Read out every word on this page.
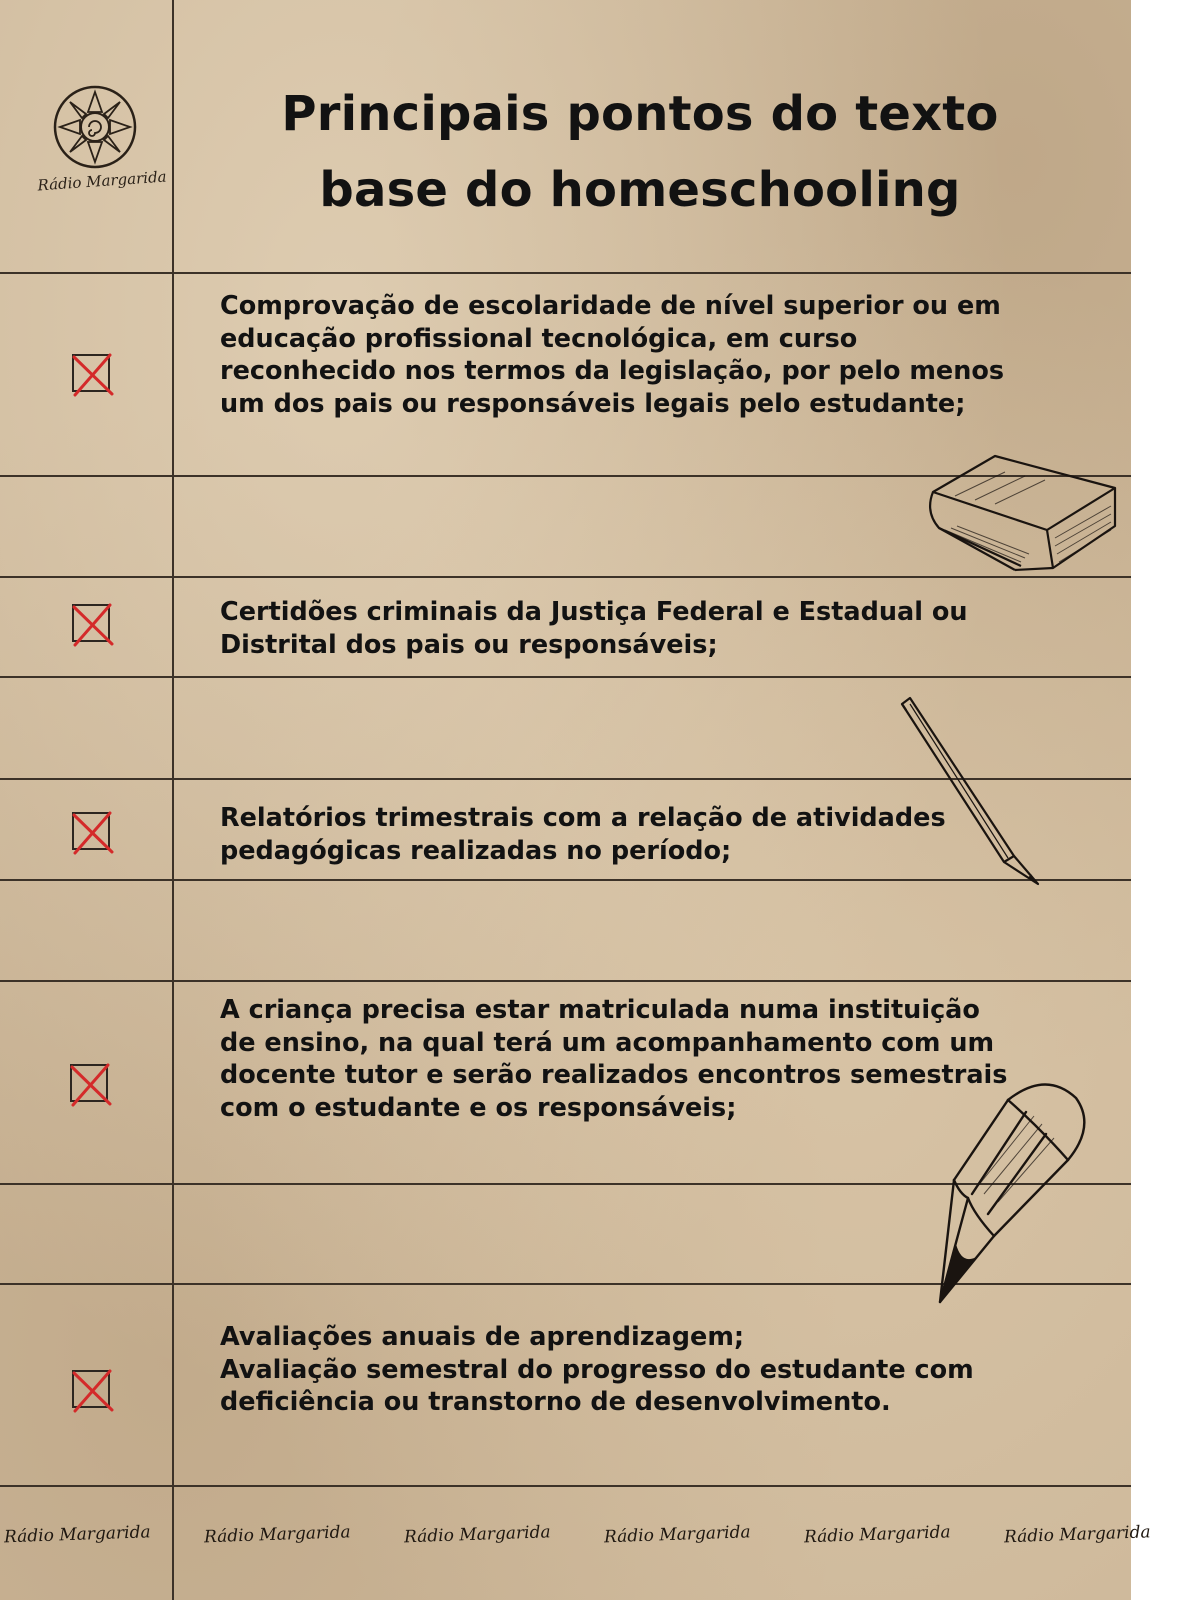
Rádio Margarida
Principais pontos do texto
base do homeschooling

Comprovação de escolaridade de nível superior ou em educação profissional tecnológica, em curso reconhecido nos termos da legislação, por pelo menos um dos pais ou responsáveis legais pelo estudante;

Certidões criminais da Justiça Federal e Estadual ou Distrital dos pais ou responsáveis;

Relatórios trimestrais com a relação de atividades pedagógicas realizadas no período;

A criança precisa estar matriculada numa instituição de ensino, na qual terá um acompanhamento com um docente tutor e serão realizados encontros semestrais com o estudante e os responsáveis;

Avaliações anuais de aprendizagem;
Avaliação semestral do progresso do estudante com deficiência ou transtorno de desenvolvimento.

Rádio Margarida	Rádio Margarida	Rádio Margarida	Rádio Margarida	Rádio Margarida	Rádio Margarida
